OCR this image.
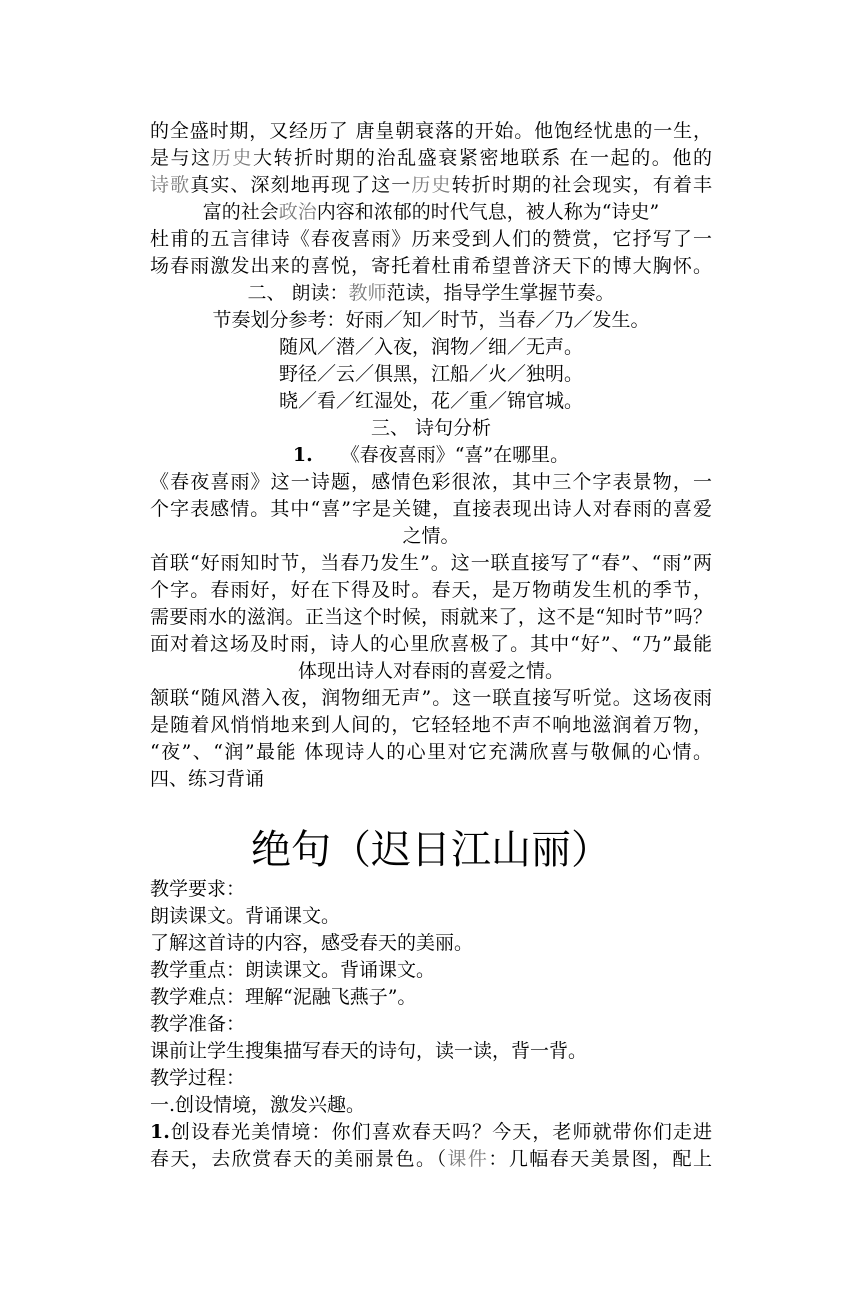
的全盛时期，又经历了 唐皇朝衰落的开始。他饱经忧患的一生，
是与这历史大转折时期的治乱盛衰紧密地联系 在一起的。他的
诗歌真实、深刻地再现了这一历史转折时期的社会现实，有着丰
富的社会政治内容和浓郁的时代气息，被人称为“诗史”
杜甫的五言律诗《春夜喜雨》历来受到人们的赞赏，它抒写了一
场春雨激发出来的喜悦，寄托着杜甫希望普济天下的博大胸怀。
二、 朗读：教师范读，指导学生掌握节奏。
节奏划分参考：好雨／知／时节，当春／乃／发生。
随风／潜／入夜，润物／细／无声。
野径／云／俱黑，江船／火／独明。
晓／看／红湿处，花／重／锦官城。
三、 诗句分析
1. 《春夜喜雨》“喜”在哪里。
《春夜喜雨》这一诗题，感情色彩很浓，其中三个字表景物，一
个字表感情。其中“喜”字是关键，直接表现出诗人对春雨的喜爱
之情。
首联“好雨知时节，当春乃发生”。这一联直接写了“春”、“雨”两
个字。春雨好，好在下得及时。春天，是万物萌发生机的季节，
需要雨水的滋润。正当这个时候，雨就来了，这不是“知时节”吗？
面对着这场及时雨，诗人的心里欣喜极了。其中“好”、“乃”最能
体现出诗人对春雨的喜爱之情。
颔联“随风潜入夜，润物细无声”。这一联直接写听觉。这场夜雨
是随着风悄悄地来到人间的，它轻轻地不声不响地滋润着万物，
“夜”、“润”最能 体现诗人的心里对它充满欣喜与敬佩的心情。
四、练习背诵
绝句（迟日江山丽）
教学要求：
朗读课文。背诵课文。
了解这首诗的内容，感受春天的美丽。
教学重点：朗读课文。背诵课文。
教学难点：理解“泥融飞燕子”。
教学准备：
课前让学生搜集描写春天的诗句，读一读，背一背。
教学过程：
一.创设情境，激发兴趣。
1.创设春光美情境：你们喜欢春天吗？今天，老师就带你们走进
春天，去欣赏春天的美丽景色。（课件：几幅春天美景图，配上
